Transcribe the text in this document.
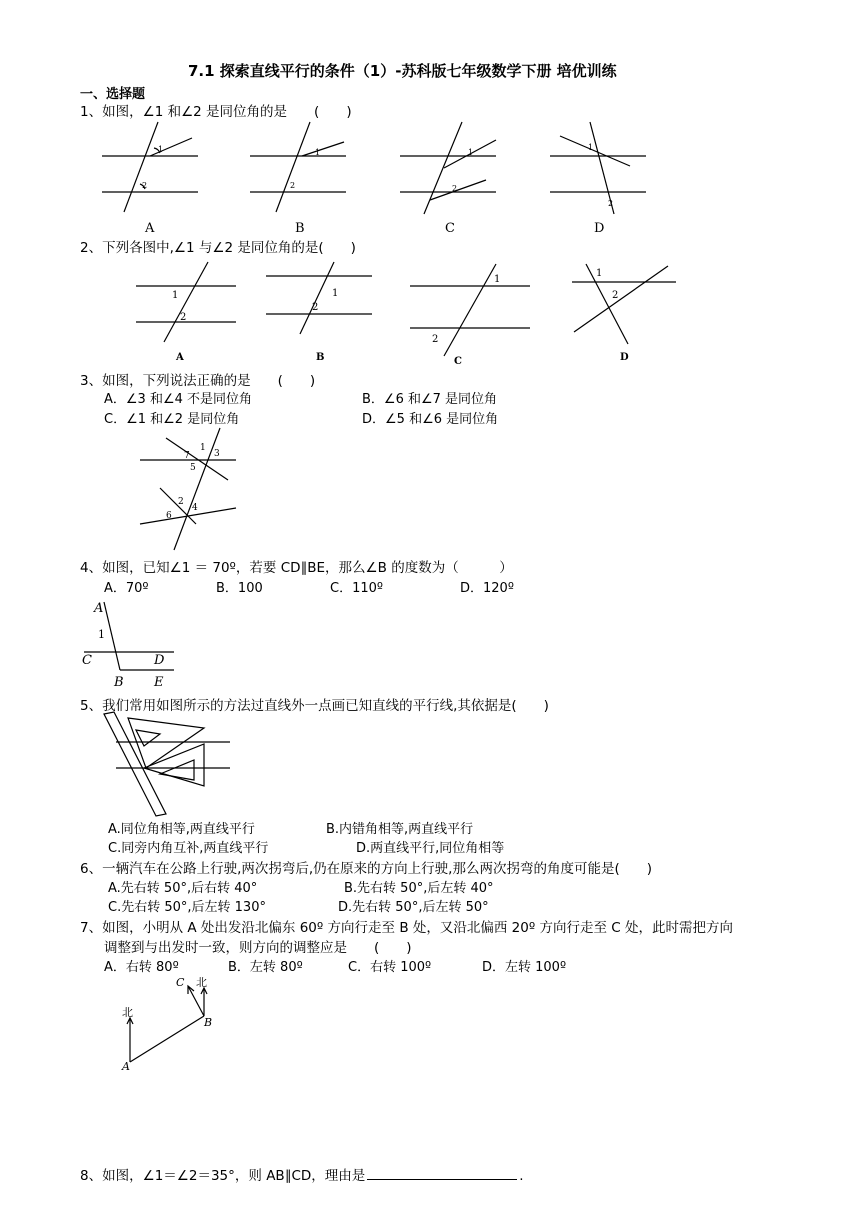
7.1 探索直线平行的条件（1）-苏科版七年级数学下册 培优训练
一、选择题
1、如图，∠1 和∠2 是同位角的是　　(　　)
1
2
A
1
2
B
1
2
C
1
2
D
2、下列各图中,∠1 与∠2 是同位角的是(　　)
1
2
A
1
2
B
1
2
C
1
2
D
3、如图，下列说法正确的是　　(　　)
A．∠3 和∠4 不是同位角	B．∠6 和∠7 是同位角
C．∠1 和∠2 是同位角	D．∠5 和∠6 是同位角
1
3
7
5
2
4
6
4、如图，已知∠1 ＝ 70º，若要 CD∥BE，那么∠B 的度数为（　　　）
A．70º	B．100	C．110º	D．120º
A
1
C	D
B E
5、我们常用如图所示的方法过直线外一点画已知直线的平行线,其依据是(　　)
A.同位角相等,两直线平行	B.内错角相等,两直线平行
C.同旁内角互补,两直线平行	D.两直线平行,同位角相等
6、一辆汽车在公路上行驶,两次拐弯后,仍在原来的方向上行驶,那么两次拐弯的角度可能是(　　)
A.先右转 50°,后右转 40°	B.先右转 50°,后左转 40°
C.先右转 50°,后左转 130°	D.先右转 50°,后左转 50°
7、如图，小明从 A 处出发沿北偏东 60º 方向行走至 B 处，又沿北偏西 20º 方向行走至 C 处，此时需把方向
调整到与出发时一致，则方向的调整应是　　(　　)
A．右转 80º	B．左转 80º	C．右转 100º	D．左转 100º
北
C 北
B
A
8、如图，∠1＝∠2＝35°，则 AB∥CD，理由是	.
